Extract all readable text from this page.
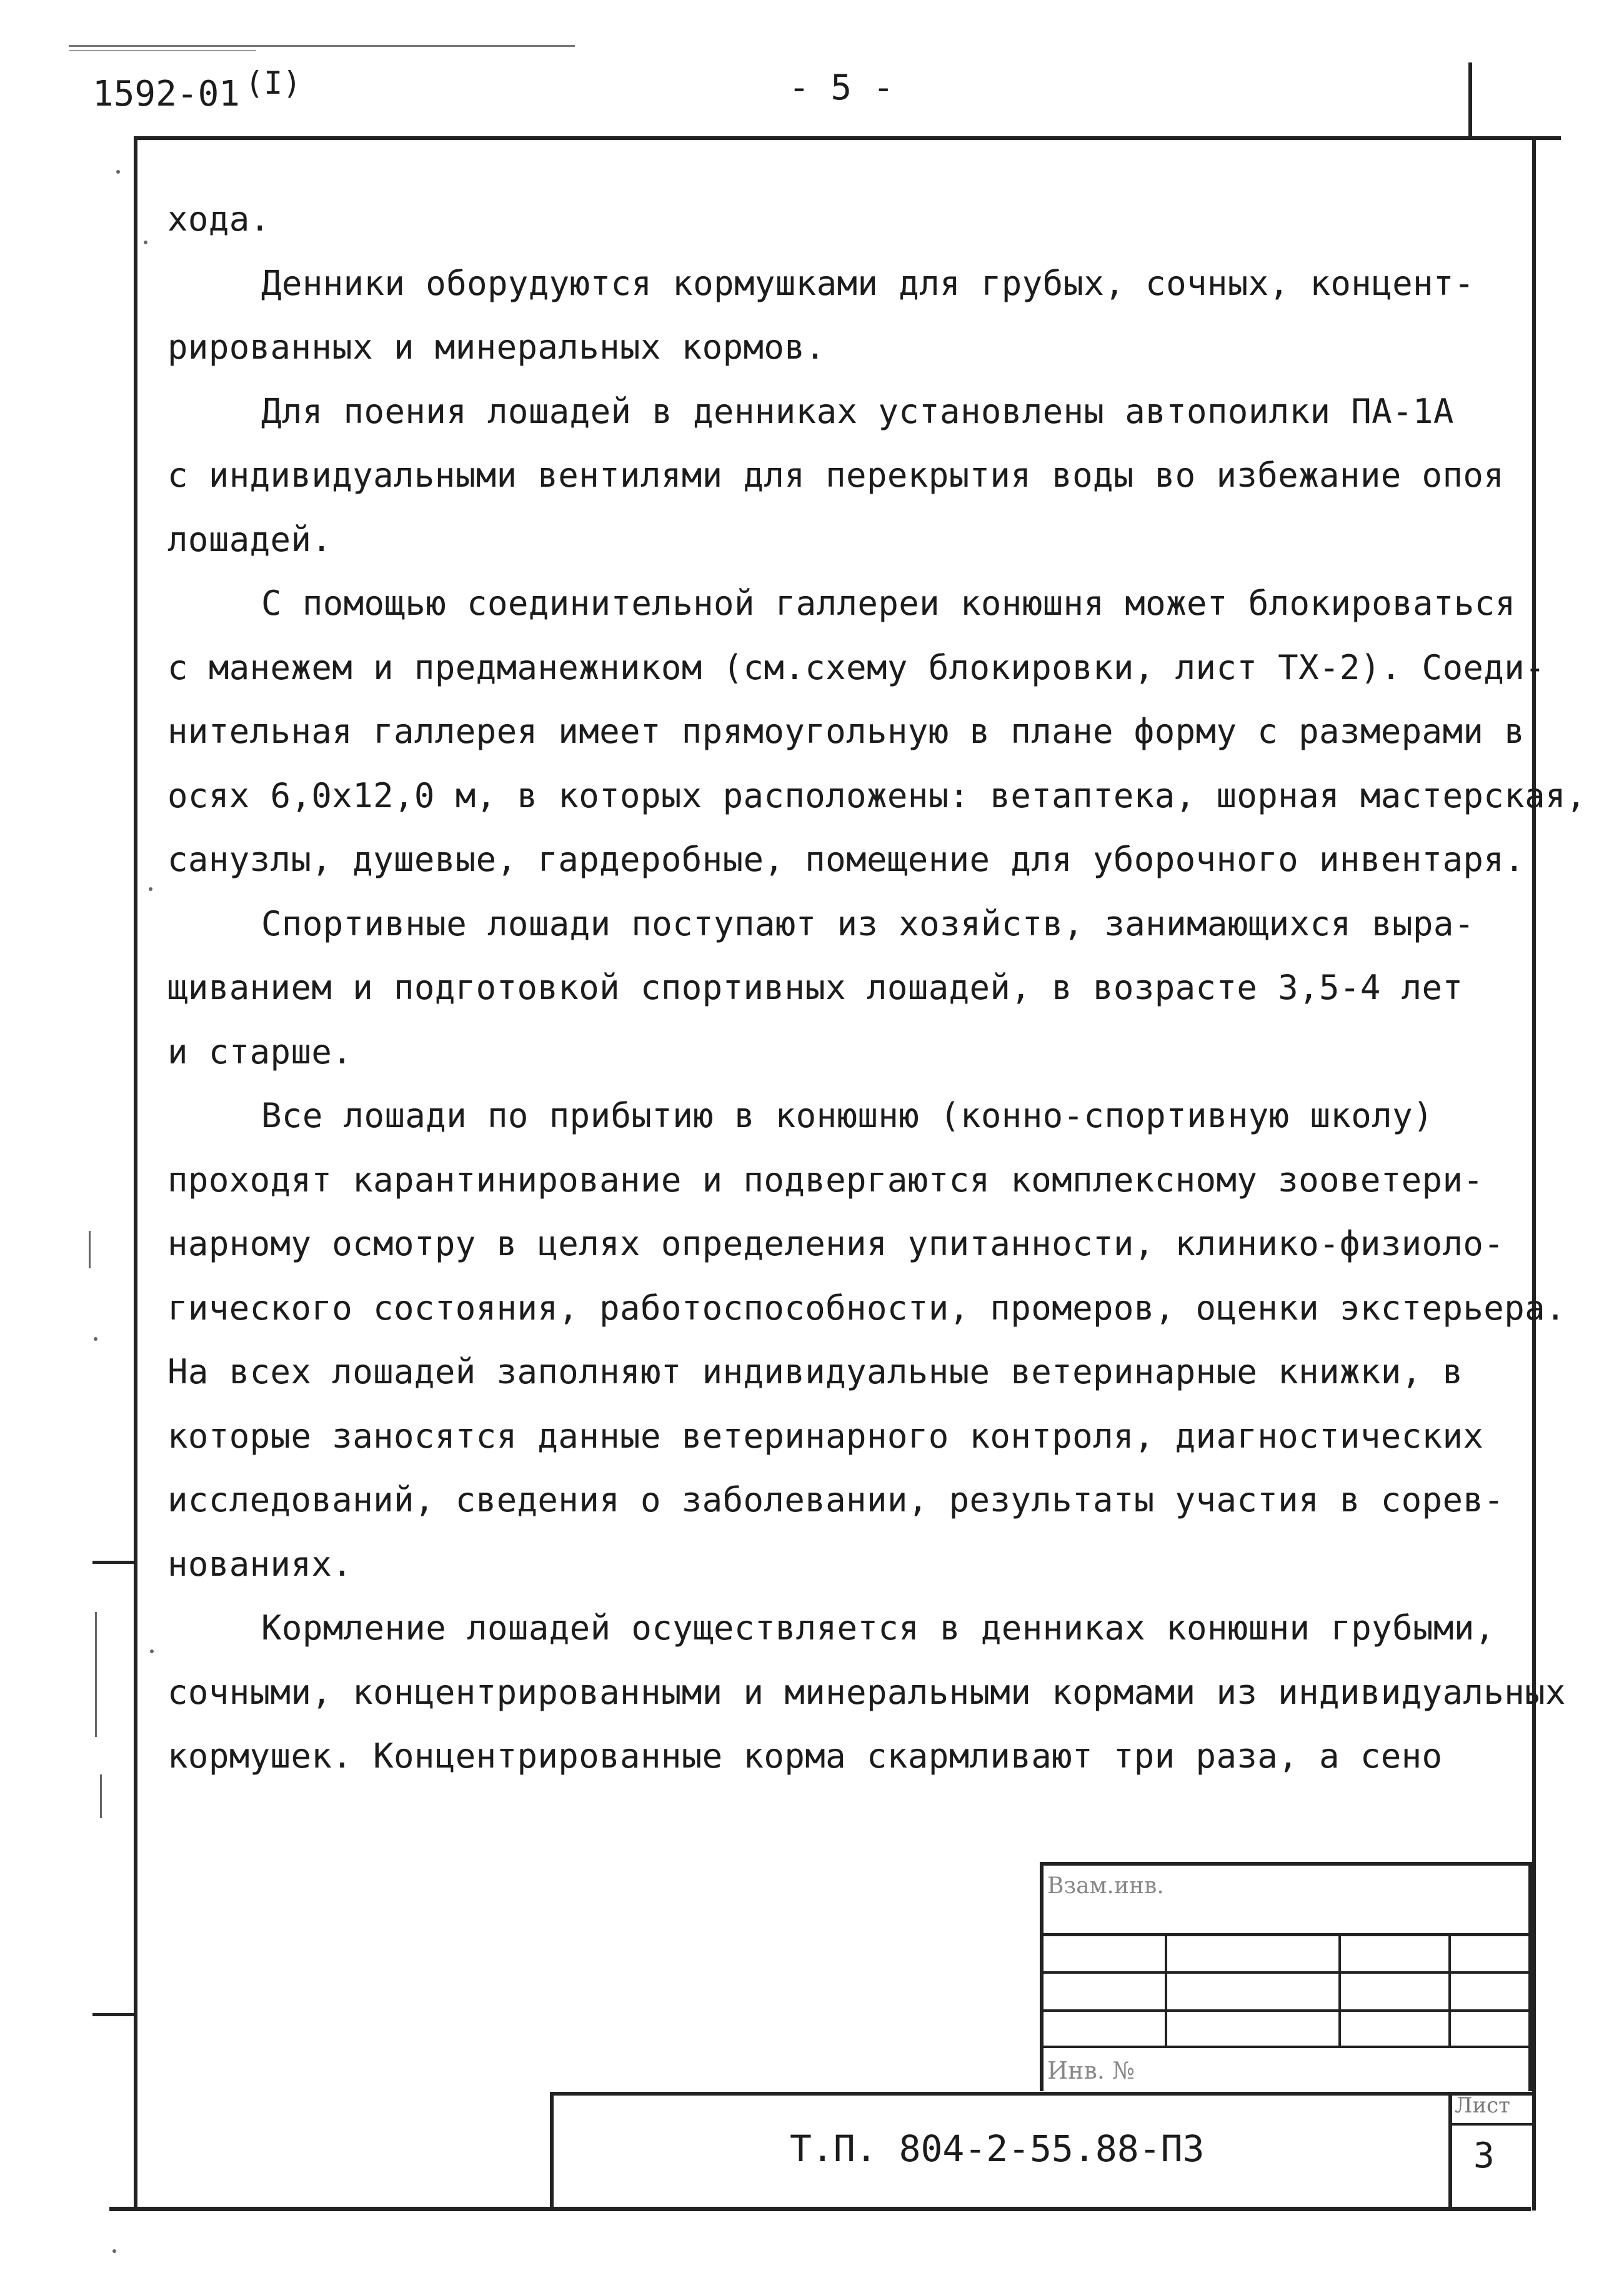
1592-01 (I)	- 5 -
хода.
Денники оборудуются кормушками для грубых, сочных, концент-
рированных и минеральных кормов.
Для поения лошадей в денниках установлены автопоилки ПА-1А
с индивидуальными вентилями для перекрытия воды во избежание опоя
лошадей.
С помощью соединительной галлереи конюшня может блокироваться
с манежем и предманежником (см.схему блокировки, лист ТХ-2). Соеди-
нительная галлерея имеет прямоугольную в плане форму с размерами в
осях 6,0х12,0 м, в которых расположены: ветаптека, шорная мастерская,
санузлы, душевые, гардеробные, помещение для уборочного инвентаря.
Спортивные лошади поступают из хозяйств, занимающихся выра-
щиванием и подготовкой спортивных лошадей, в возрасте 3,5-4 лет
и старше.
Все лошади по прибытию в конюшню (конно-спортивную школу)
проходят карантинирование и подвергаются комплексному зооветери-
нарному осмотру в целях определения упитанности, клинико-физиоло-
гического состояния, работоспособности, промеров, оценки экстерьера.
На всех лошадей заполняют индивидуальные ветеринарные книжки, в
которые заносятся данные ветеринарного контроля, диагностических
исследований, сведения о заболевании, результаты участия в сорев-
нованиях.
Кормление лошадей осуществляется в денниках конюшни грубыми,
сочными, концентрированными и минеральными кормами из индивидуальных
кормушек. Концентрированные корма скармливают три раза, а сено
Взам.инв.
Инв. №
Т.П. 804-2-55.88-ПЗ
Лист
3
